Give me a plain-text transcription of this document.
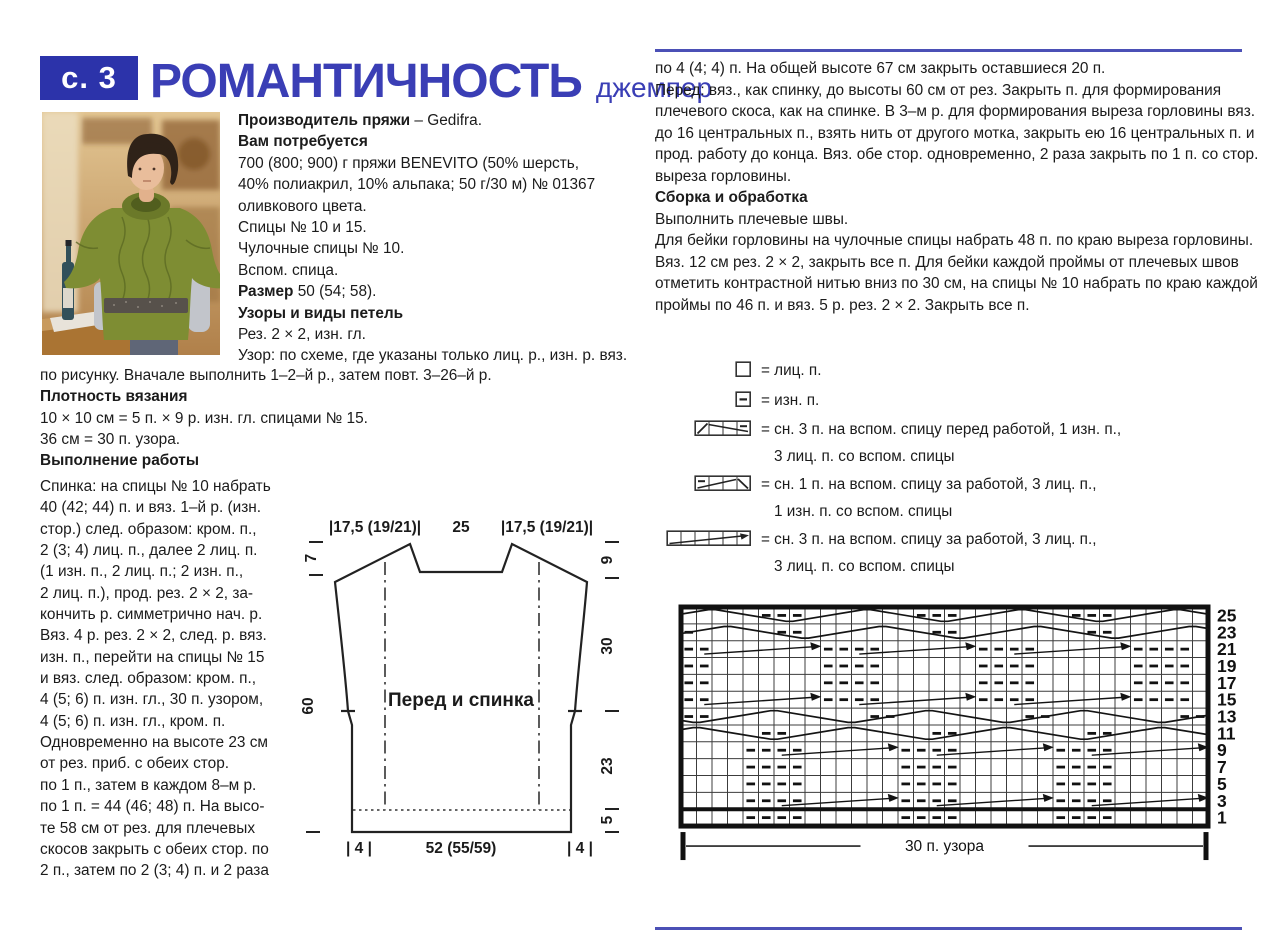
с. 3 РОМАНТИЧНОСТЬ джемпер
Производитель пряжи – Gedifra.
Вам потребуется
700 (800; 900) г пряжи BENEVITO (50% шерсть,
40% полиакрил, 10% альпака; 50 г/30 м) № 01367
оливкового цвета.
Спицы № 10 и 15.
Чулочные спицы № 10.
Вспом. спица.
Размер 50 (54; 58).
Узоры и виды петель
Рез. 2 × 2, изн. гл.
Узор: по схеме, где указаны только лиц. р., изн. р. вяз.
по рисунку. Вначале выполнить 1–2–й р., затем повт. 3–26–й р.
Плотность вязания
10 × 10 см = 5 п. × 9 р. изн. гл. спицами № 15.
36 см = 30 п. узора.
Выполнение работы
Спинка: на спицы № 10 набрать
40 (42; 44) п. и вяз. 1–й р. (изн.
стор.) след. образом: кром. п.,
2 (3; 4) лиц. п., далее 2 лиц. п.
(1 изн. п., 2 лиц. п.; 2 изн. п.,
2 лиц. п.), прод. рез. 2 × 2, за-
кончить р. симметрично нач. р.
Вяз. 4 р. рез. 2 × 2, след. р. вяз.
изн. п., перейти на спицы № 15
и вяз. след. образом: кром. п.,
4 (5; 6) п. изн. гл., 30 п. узором,
4 (5; 6) п. изн. гл., кром. п.
Одновременно на высоте 23 см
от рез. приб. с обеих стор.
по 1 п., затем в каждом 8–м р.
по 1 п. = 44 (46; 48) п. На высо-
те 58 см от рез. для плечевых
скосов закрыть с обеих стор. по
2 п., затем по 2 (3; 4) п. и 2 раза
по 4 (4; 4) п. На общей высоте 67 см закрыть оставшиеся 20 п.
Перед: вяз., как спинку, до высоты 60 см от рез. Закрыть п. для формирования
плечевого скоса, как на спинке. В 3–м р. для формирования выреза горловины вяз.
до 16 центральных п., взять нить от другого мотка, закрыть ею 16 центральных п. и
прод. работу до конца. Вяз. обе стор. одновременно, 2 раза закрыть по 1 п. со стор.
выреза горловины.
Сборка и обработка
Выполнить плечевые швы.
Для бейки горловины на чулочные спицы набрать 48 п. по краю выреза горловины.
Вяз. 12 см рез. 2 × 2, закрыть все п. Для бейки каждой проймы от плечевых швов
отметить контрастной нитью вниз по 30 см, на спицы № 10 набрать по краю каждой
проймы по 46 п. и вяз. 5 р. рез. 2 × 2. Закрыть все п.
|17,5 (19/21)| 25 |17,5 (19/21)|
7
60
9
30
23
5
| 4 |	52 (55/59)	| 4 |
Перед и спинка
= лиц. п.
= изн. п.
= сн. 3 п. на вспом. спицу перед работой, 1 изн. п.,
3 лиц. п. со вспом. спицы
= сн. 1 п. на вспом. спицу за работой, 3 лиц. п.,
1 изн. п. со вспом. спицы
= сн. 3 п. на вспом. спицу за работой, 3 лиц. п.,
3 лиц. п. со вспом. спицы
25
23
21
19
17
15
13
11
9
7
5
3
1
30 п. узора
